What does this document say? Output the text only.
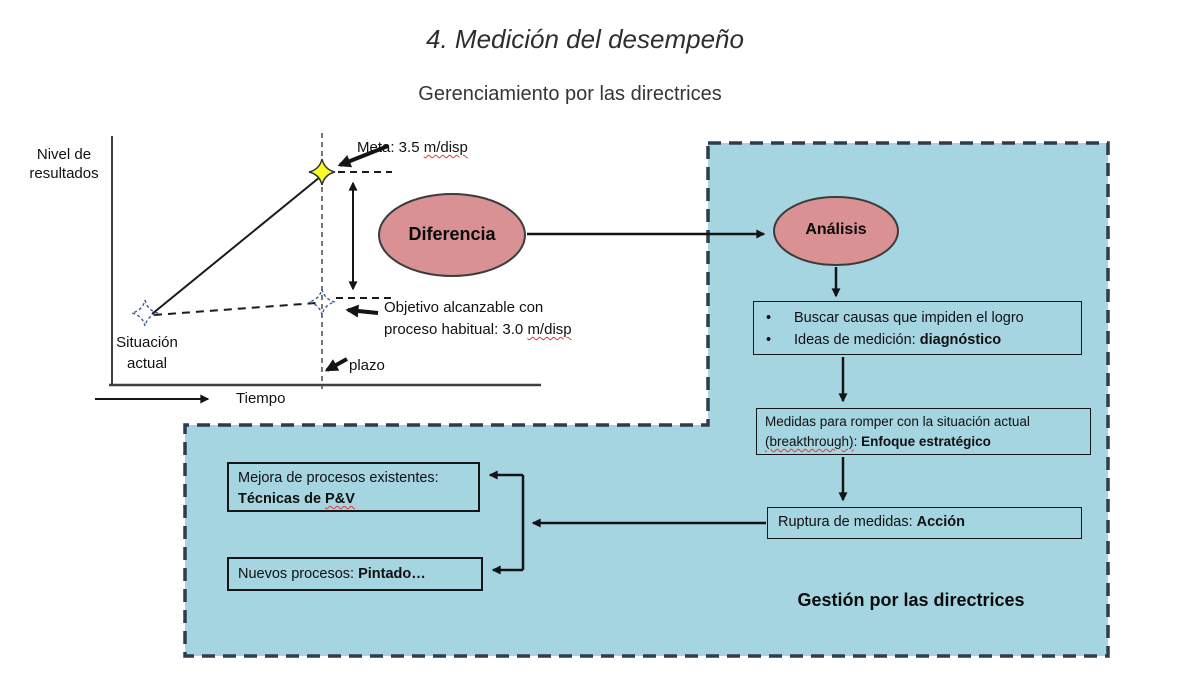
4. Medición del desempeño
Gerenciamiento por las directrices
Nivel de
resultados
Meta: 3.5 m/disp
Objetivo alcanzable con
proceso habitual: 3.0 m/disp
Situación
actual	plazo
Tiempo
Diferencia	Análisis
•	Buscar causas que impiden el logro
•	Ideas de medición: diagnóstico
Medidas para romper con la situación actual
(breakthrough): Enfoque estratégico
Ruptura de medidas: Acción
Mejora de procesos existentes:
Técnicas de P&V
Nuevos procesos: Pintado…
Gestión por las directrices
